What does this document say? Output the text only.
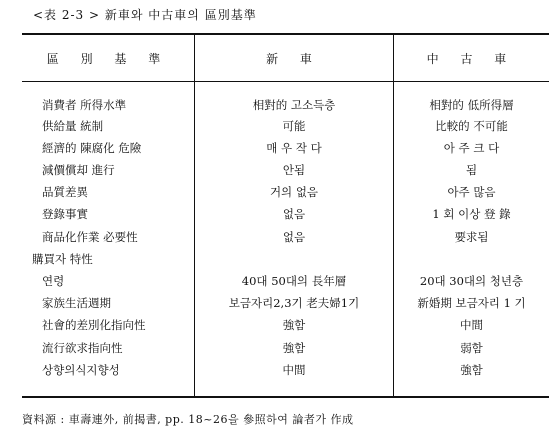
<表 2-3 > 新車와 中古車의 區別基準
區 別 基 準	新 車	中 古 車
消費者 所得水準	相對的 고소득층	相對的 低所得層
供給量 統制	可能	比較的 不可能
經濟的 陳腐化 危險	매 우 작 다	아 주 크 다
減價償却 進行	안됨	됨
品質差異	거의 없음	아주 많음
登錄事實	없음	1 회 이상 登 錄
商品化作業 必要性	없음	要求됨
購買자 特性
연령	40대 50대의 長年層	20대 30대의 청년층
家族生活週期	보금자리2,3기 老夫婦1기	新婚期 보금자리 1 기
社會的差別化指向性	強함	中間
流行欲求指向性	強함	弱함
상향의식지향성	中間	強함
資料源 : 車壽連外, 前揭書, pp. 18~26을 參照하여 論者가 作成
